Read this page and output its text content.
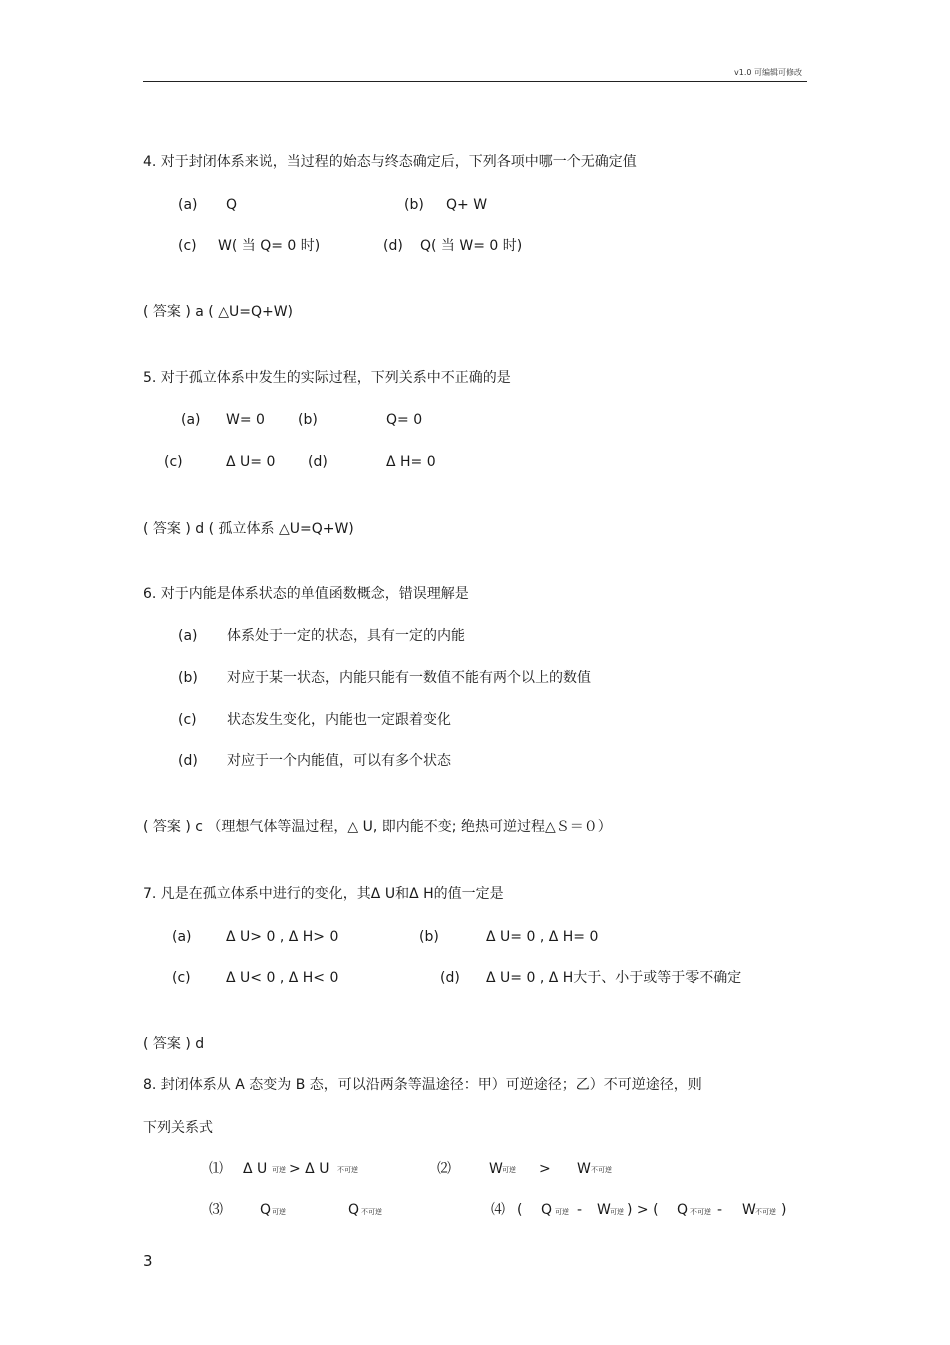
v1.0 可编辑可修改
4. 对于封闭体系来说，当过程的始态与终态确定后，下列各项中哪一个无确定值
(a) Q	(b) Q+ W
(c) W( 当 Q= 0 时)	(d) Q( 当 W= 0 时)
( 答案 ) a ( △U=Q+W)
5. 对于孤立体系中发生的实际过程，下列关系中不正确的是
(a) W= 0 (b)	Q= 0
(c)	Δ U= 0 (d)	Δ H= 0
( 答案 ) d ( 孤立体系 △U=Q+W)
6. 对于内能是体系状态的单值函数概念，错误理解是
(a) 体系处于一定的状态，具有一定的内能
(b) 对应于某一状态，内能只能有一数值不能有两个以上的数值
(c) 状态发生变化，内能也一定跟着变化
(d) 对应于一个内能值，可以有多个状态
( 答案 ) c （理想气体等温过程，△ U, 即内能不变; 绝热可逆过程△Ｓ＝０）
7. 凡是在孤立体系中进行的变化，其Δ U和Δ H的值一定是
(a) Δ U> 0 , Δ H> 0	(b)	Δ U= 0 , Δ H= 0
(c)	Δ U< 0 , Δ H< 0	(d) Δ U= 0 , Δ H大于、小于或等于零不确定
( 答案 ) d
8. 封闭体系从 A 态变为 B 态，可以沿两条等温途径：甲）可逆途径；乙）不可逆途径，则
下列关系式
⑴ Δ U 可逆 > Δ U 不可逆	⑵	W 可逆 > W 不可逆
⑶	Q 可逆	Q 不可逆	⑷ ( Q 可逆 - W 可逆 ) > ( Q 不可逆 - W 不可逆 )
3
